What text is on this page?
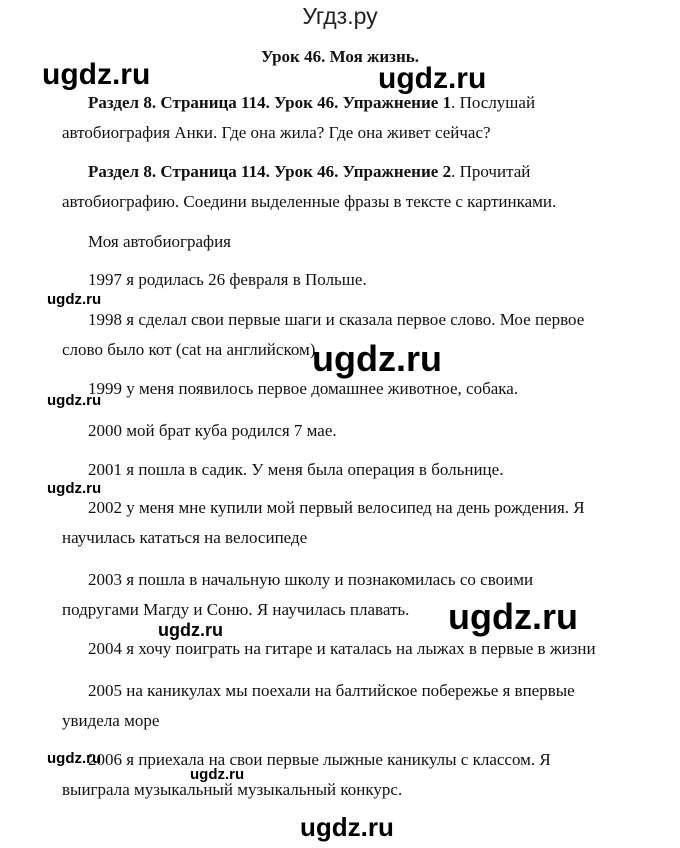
Угдз.ру
Урок 46. Моя жизнь.

Раздел 8. Страница 114. Урок 46. Упражнение 1. Послушай
автобиография Анки. Где она жила? Где она живет сейчас?

Раздел 8. Страница 114. Урок 46. Упражнение 2. Прочитай
автобиографию. Соедини выделенные фразы в тексте с картинками.

Моя автобиография

1997 я родилась 26 февраля в Польше.

1998 я сделал свои первые шаги и сказала первое слово. Мое первое
слово было кот (cat на английском).

1999 у меня появилось первое домашнее животное, собака.

2000 мой брат куба родился 7 мае.

2001 я пошла в садик. У меня была операция в больнице.

2002 у меня мне купили мой первый велосипед на день рождения. Я
научилась кататься на велосипеде

2003 я пошла в начальную школу и познакомилась со своими
подругами Магду и Соню. Я научилась плавать.

2004 я хочу поиграть на гитаре и каталась на лыжах в первые в жизни

2005 на каникулах мы поехали на балтийское побережье я впервые
увидела море

2006 я приехала на свои первые лыжные каникулы с классом. Я
выиграла музыкальный музыкальный конкурс.

ugdz.ru	ugdz.ru
ugdz.ru
ugdz.ru
ugdz.ru
ugdz.ru
ugdz.ru
ugdz.ru
ugdz.ru
ugdz.ru
ugdz.ru
